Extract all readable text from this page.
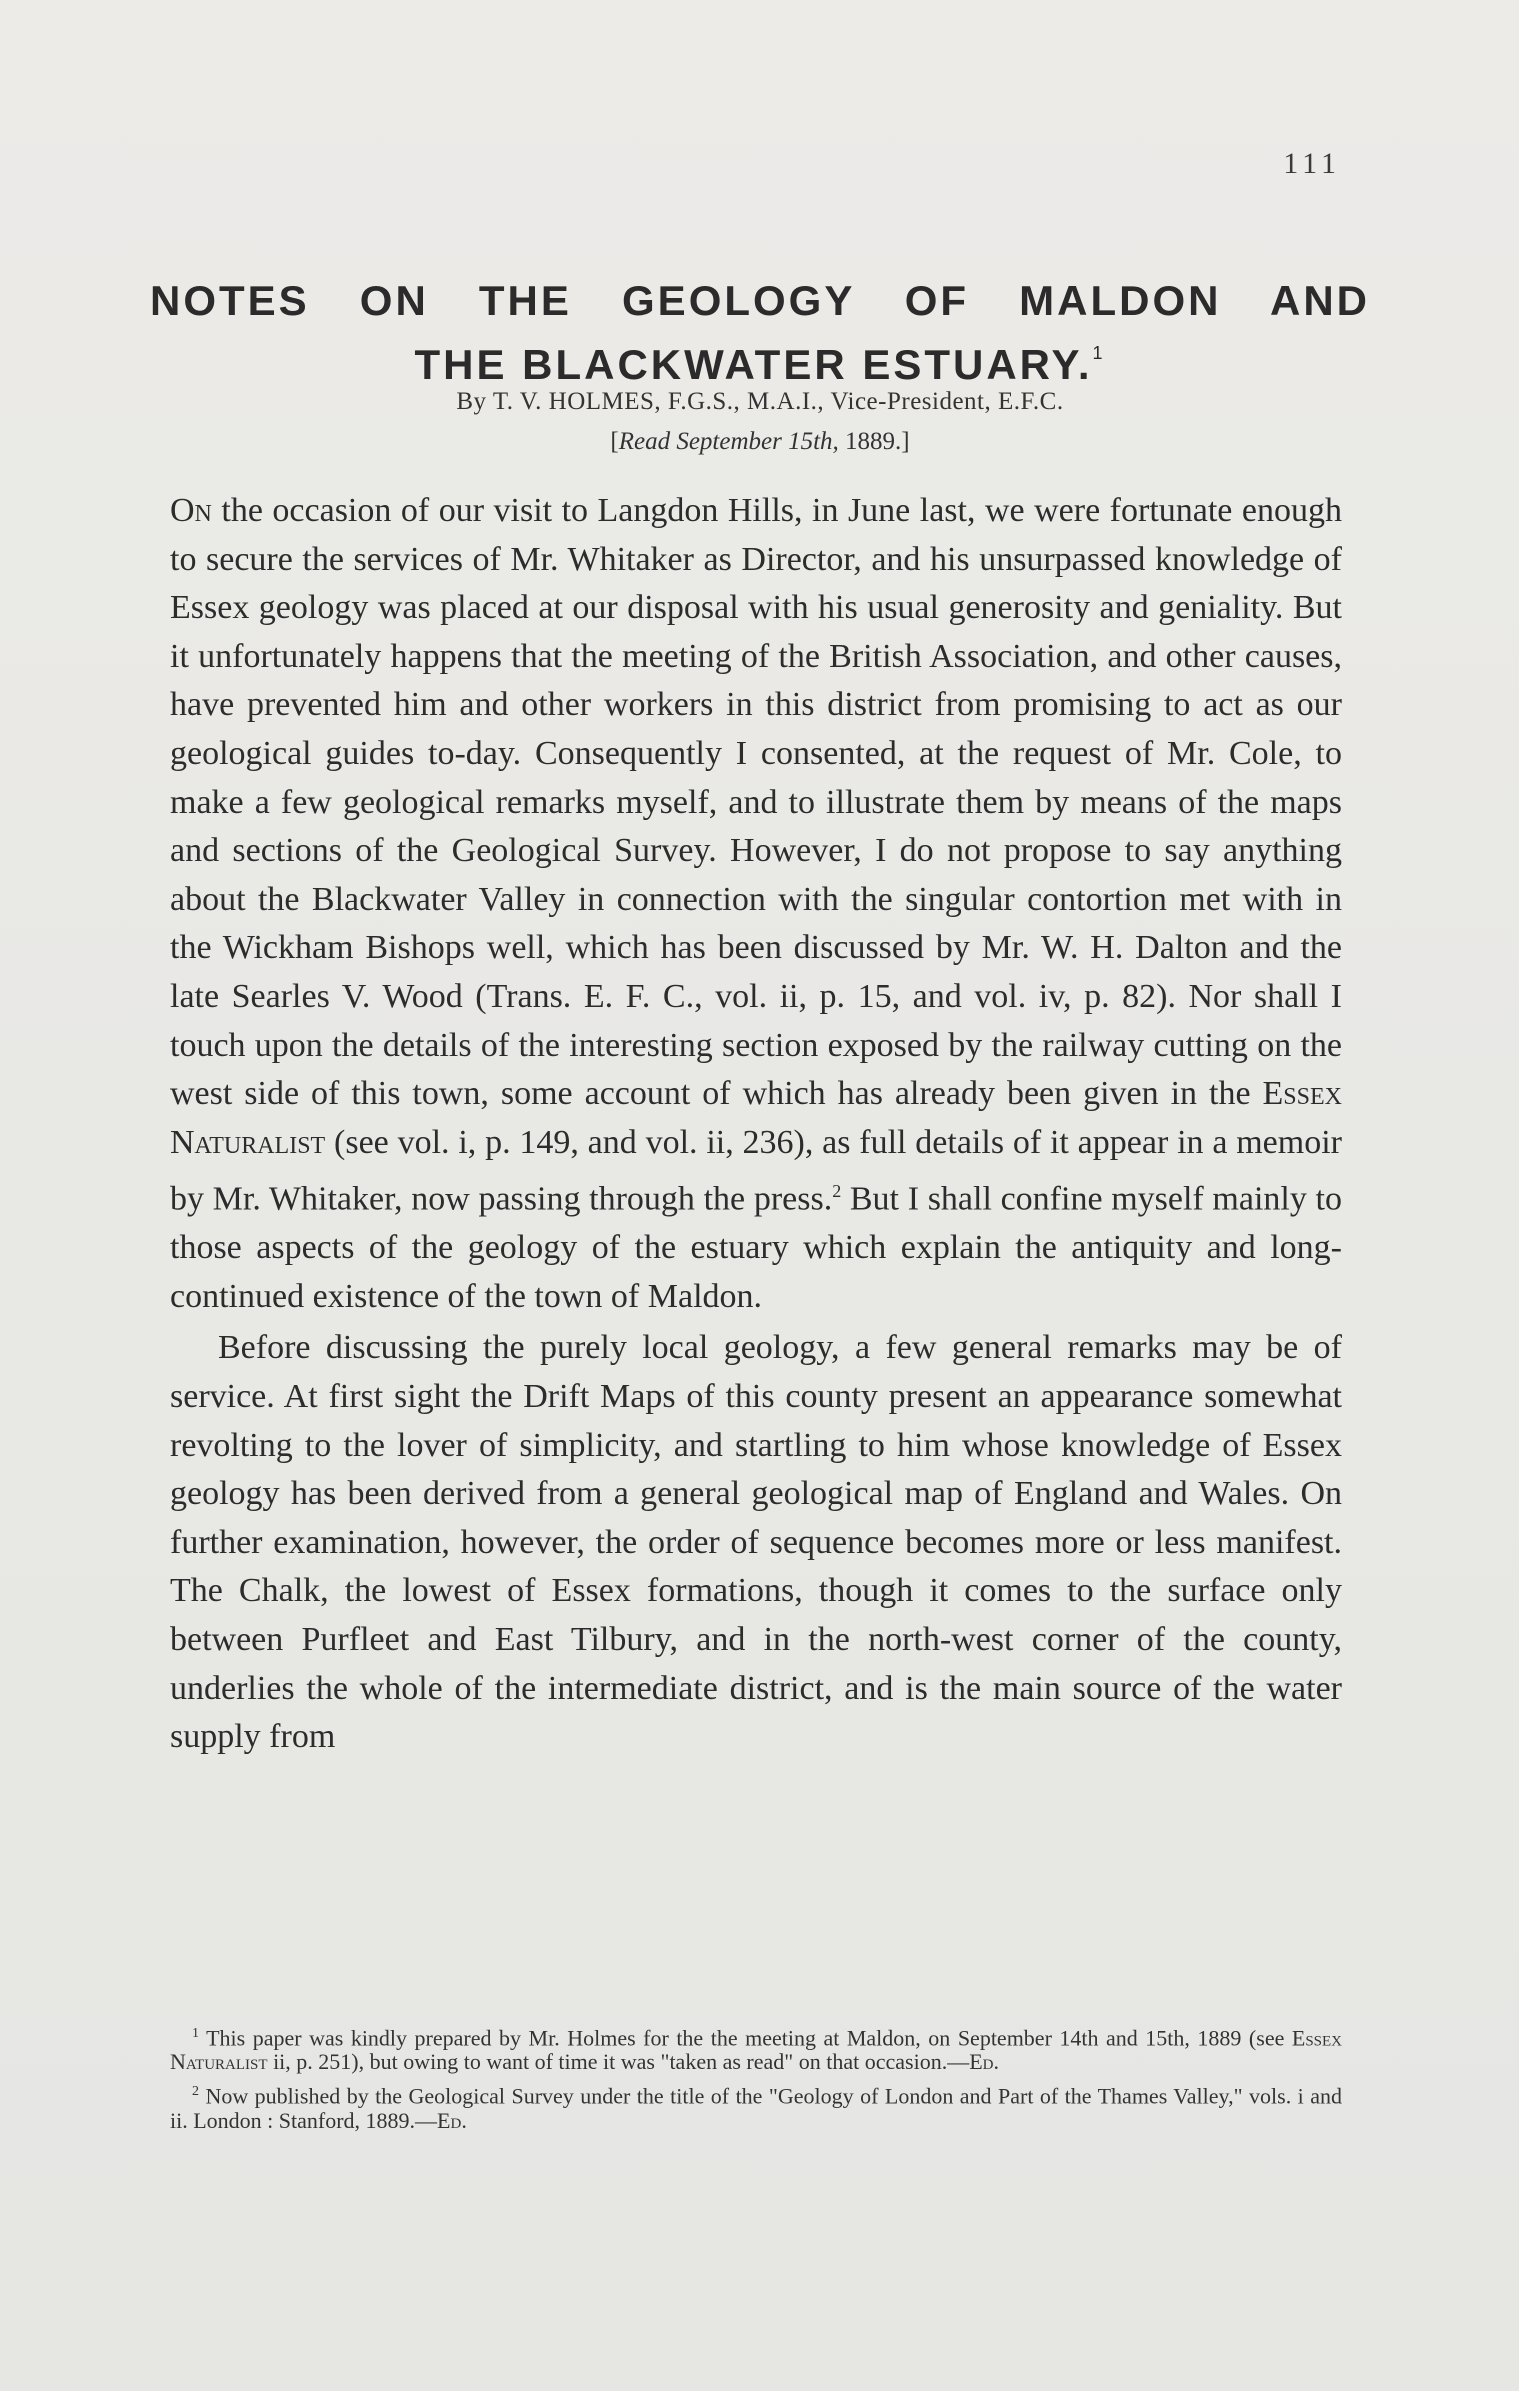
111
NOTES ON THE GEOLOGY OF MALDON AND
THE BLACKWATER ESTUARY.$^1$
By T. V. HOLMES, F.G.S., M.A.I., Vice-President, E.F.C.
[Read September 15th, 1889.]

On the occasion of our visit to Langdon Hills, in June last, we were fortunate enough to secure the services of Mr. Whitaker as Director, and his unsurpassed knowledge of Essex geology was placed at our disposal with his usual generosity and geniality. But it unfortunately happens that the meeting of the British Association, and other causes, have prevented him and other workers in this district from promising to act as our geological guides to-day. Consequently I consented, at the request of Mr. Cole, to make a few geological remarks myself, and to illustrate them by means of the maps and sections of the Geological Survey. However, I do not propose to say anything about the Blackwater Valley in connection with the singular contortion met with in the Wickham Bishops well, which has been discussed by Mr. W. H. Dalton and the late Searles V. Wood (Trans. E. F. C., vol. ii, p. 15, and vol. iv, p. 82). Nor shall I touch upon the details of the interesting section exposed by the railway cutting on the west side of this town, some account of which has already been given in the Essex Naturalist (see vol. i, p. 149, and vol. ii, 236), as full details of it appear in a memoir by Mr. Whitaker, now passing through the press.$^2$ But I shall confine myself mainly to those aspects of the geology of the estuary which explain the antiquity and long-continued existence of the town of Maldon.

Before discussing the purely local geology, a few general remarks may be of service. At first sight the Drift Maps of this county present an appearance somewhat revolting to the lover of simplicity, and startling to him whose knowledge of Essex geology has been derived from a general geological map of England and Wales. On further examination, however, the order of sequence becomes more or less manifest. The Chalk, the lowest of Essex formations, though it comes to the surface only between Purfleet and East Tilbury, and in the north-west corner of the county, underlies the whole of the intermediate district, and is the main source of the water supply from

$^1$ This paper was kindly prepared by Mr. Holmes for the the meeting at Maldon, on September 14th and 15th, 1889 (see Essex Naturalist ii, p. 251), but owing to want of time it was "taken as read" on that occasion.—Ed.

$^2$ Now published by the Geological Survey under the title of the "Geology of London and Part of the Thames Valley," vols. i and ii. London : Stanford, 1889.—Ed.
